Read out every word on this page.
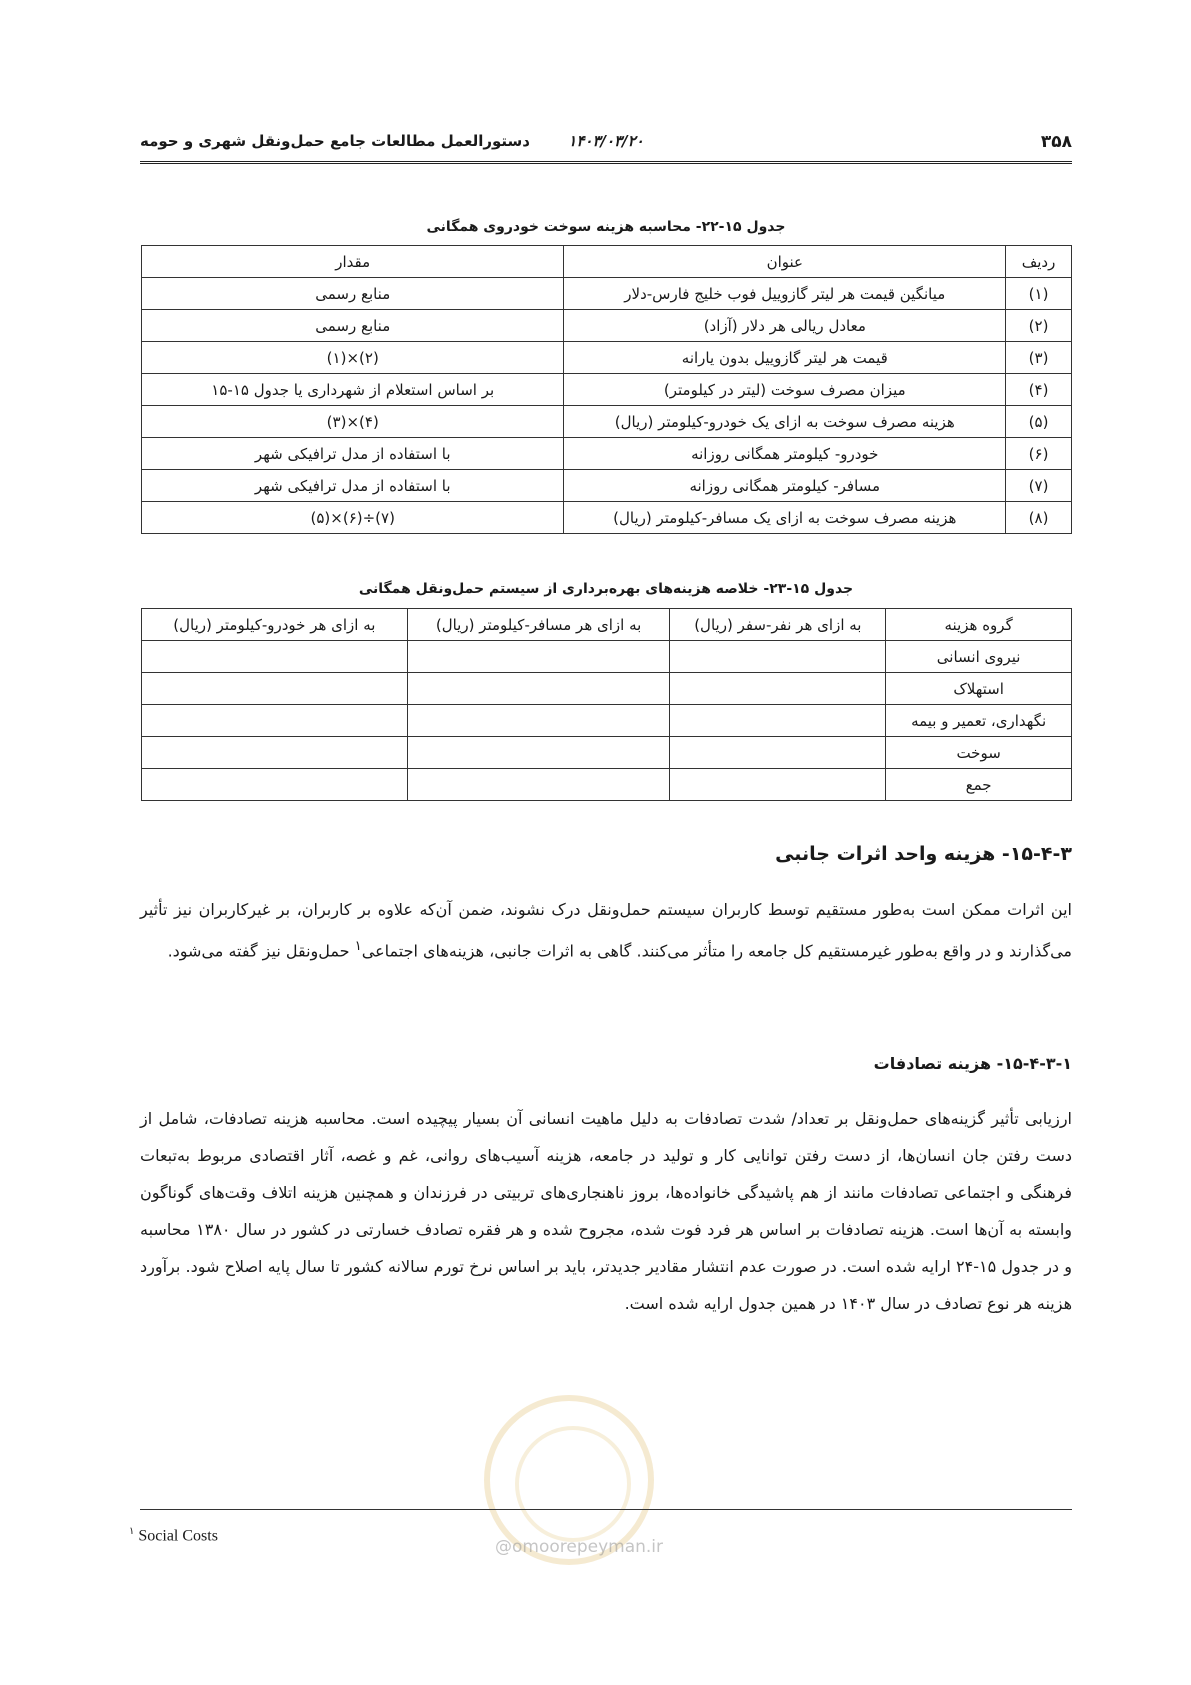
۳۵۸
۱۴۰۳/۰۳/۲۰
دستورالعمل مطالعات جامع حمل‌ونقل شهری و حومه
جدول ۱۵-۲۲- محاسبه هزینه سوخت خودروی همگانی
ردیف	عنوان	مقدار
(۱)	میانگین قیمت هر لیتر گازوییل فوب خلیج فارس-دلار	منابع رسمی
(۲)	معادل ریالی هر دلار (آزاد)	منابع رسمی
(۳)	قیمت هر لیتر گازوییل بدون یارانه	(۲)×(۱)
(۴)	میزان مصرف سوخت (لیتر در کیلومتر)	بر اساس استعلام از شهرداری یا جدول ۱۵-۱۵
(۵)	هزینه مصرف سوخت به ازای یک خودرو-کیلومتر (ریال)	(۴)×(۳)
(۶)	خودرو- کیلومتر همگانی روزانه	با استفاده از مدل ترافیکی شهر
(۷)	مسافر- کیلومتر همگانی روزانه	با استفاده از مدل ترافیکی شهر
(۸)	هزینه مصرف سوخت به ازای یک مسافر-کیلومتر (ریال)	(۷)÷(۶)×(۵)
جدول ۱۵-۲۳- خلاصه هزینه‌های بهره‌برداری از سیستم حمل‌ونقل همگانی
گروه هزینه	به ازای هر نفر-سفر (ریال)	به ازای هر مسافر-کیلومتر (ریال)	به ازای هر خودرو-کیلومتر (ریال)
نیروی انسانی			
استهلاک			
نگهداری، تعمیر و بیمه			
سوخت			
جمع			
۱۵-۴-۳- هزینه واحد اثرات جانبی

این اثرات ممکن است به‌طور مستقیم توسط کاربران سیستم حمل‌ونقل درک نشوند، ضمن آن‌که علاوه بر کاربران، بر غیرکاربران نیز تأثیر می‌گذارند و در واقع به‌طور غیرمستقیم کل جامعه را متأثر می‌کنند. گاهی به اثرات جانبی، هزینه‌های اجتماعی$^۱$ حمل‌ونقل نیز گفته می‌شود.

۱۵-۴-۳-۱- هزینه تصادفات

ارزیابی تأثیر گزینه‌های حمل‌ونقل بر تعداد/ شدت تصادفات به دلیل ماهیت انسانی آن بسیار پیچیده است. محاسبه هزینه تصادفات، شامل از دست رفتن جان انسان‌ها، از دست رفتن توانایی کار و تولید در جامعه، هزینه آسیب‌های روانی، غم و غصه، آثار اقتصادی مربوط به‌تبعات فرهنگی و اجتماعی تصادفات مانند از هم پاشیدگی خانواده‌ها، بروز ناهنجاری‌های تربیتی در فرزندان و همچنین هزینه اتلاف وقت‌های گوناگون وابسته به آن‌ها است. هزینه تصادفات بر اساس هر فرد فوت شده، مجروح شده و هر فقره تصادف خسارتی در کشور در سال ۱۳۸۰ محاسبه و در جدول ۱۵-۲۴ ارایه شده است. در صورت عدم انتشار مقادیر جدیدتر، باید بر اساس نرخ تورم سالانه کشور تا سال پایه اصلاح شود. برآورد هزینه هر نوع تصادف در سال ۱۴۰۳ در همین جدول ارایه شده است.

@omoorepeyman.ir
$^۱$ Social Costs
